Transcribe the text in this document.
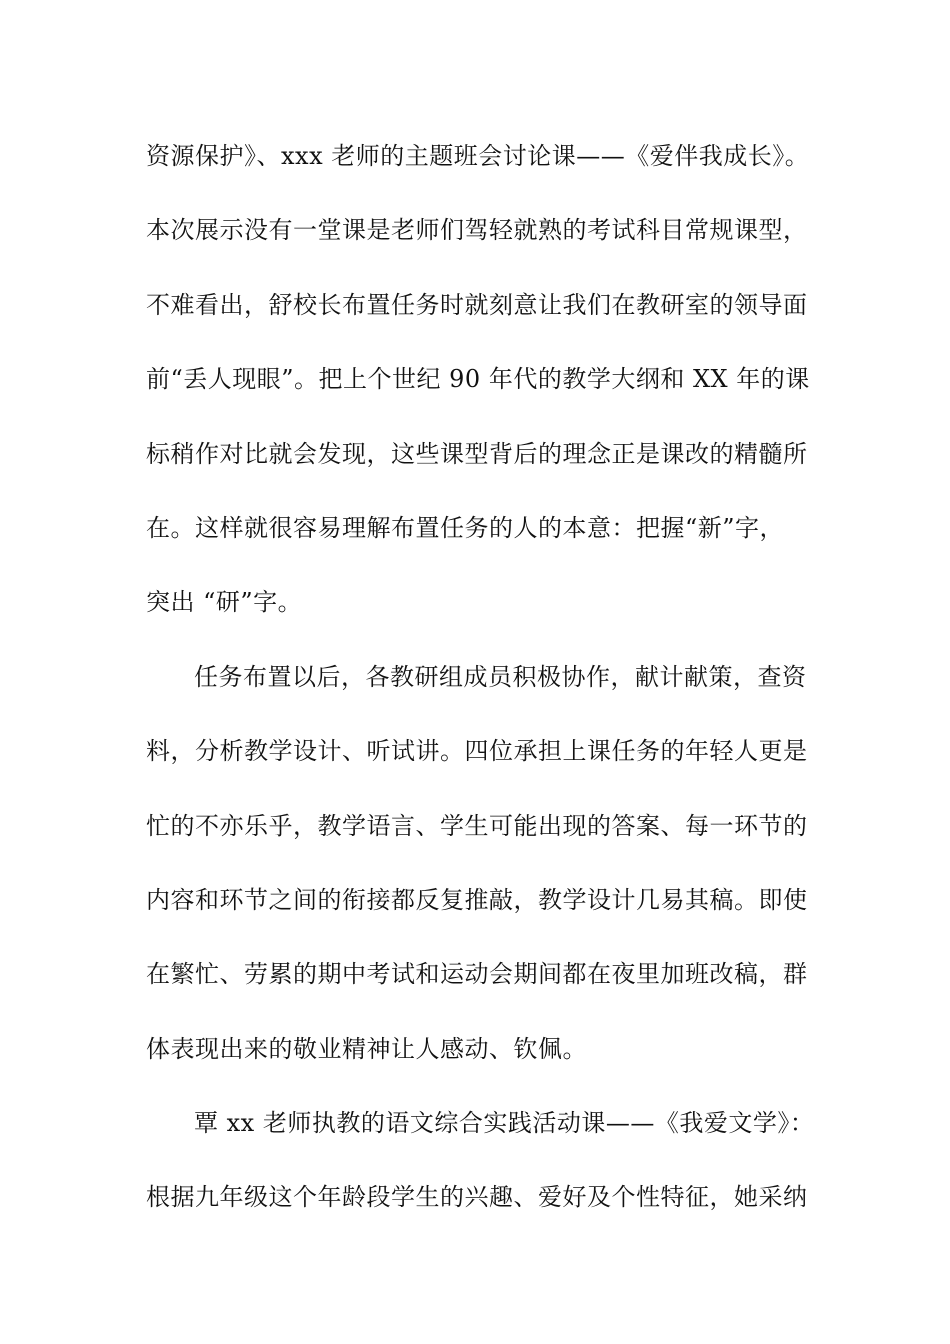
资源保护》、xxx 老师的主题班会讨论课——《爱伴我成长》。
本次展示没有一堂课是老师们驾轻就熟的考试科目常规课型，
不难看出，舒校长布置任务时就刻意让我们在教研室的领导面
前“丢人现眼”。把上个世纪 90 年代的教学大纲和 XX 年的课
标稍作对比就会发现，这些课型背后的理念正是课改的精髓所
在。这样就很容易理解布置任务的人的本意：把握“新”字，
突出 “研”字。
任务布置以后，各教研组成员积极协作，献计献策，查资
料，分析教学设计、听试讲。四位承担上课任务的年轻人更是
忙的不亦乐乎，教学语言、学生可能出现的答案、每一环节的
内容和环节之间的衔接都反复推敲，教学设计几易其稿。即使
在繁忙、劳累的期中考试和运动会期间都在夜里加班改稿，群
体表现出来的敬业精神让人感动、钦佩。
覃 xx 老师执教的语文综合实践活动课——《我爱文学》：
根据九年级这个年龄段学生的兴趣、爱好及个性特征，她采纳
